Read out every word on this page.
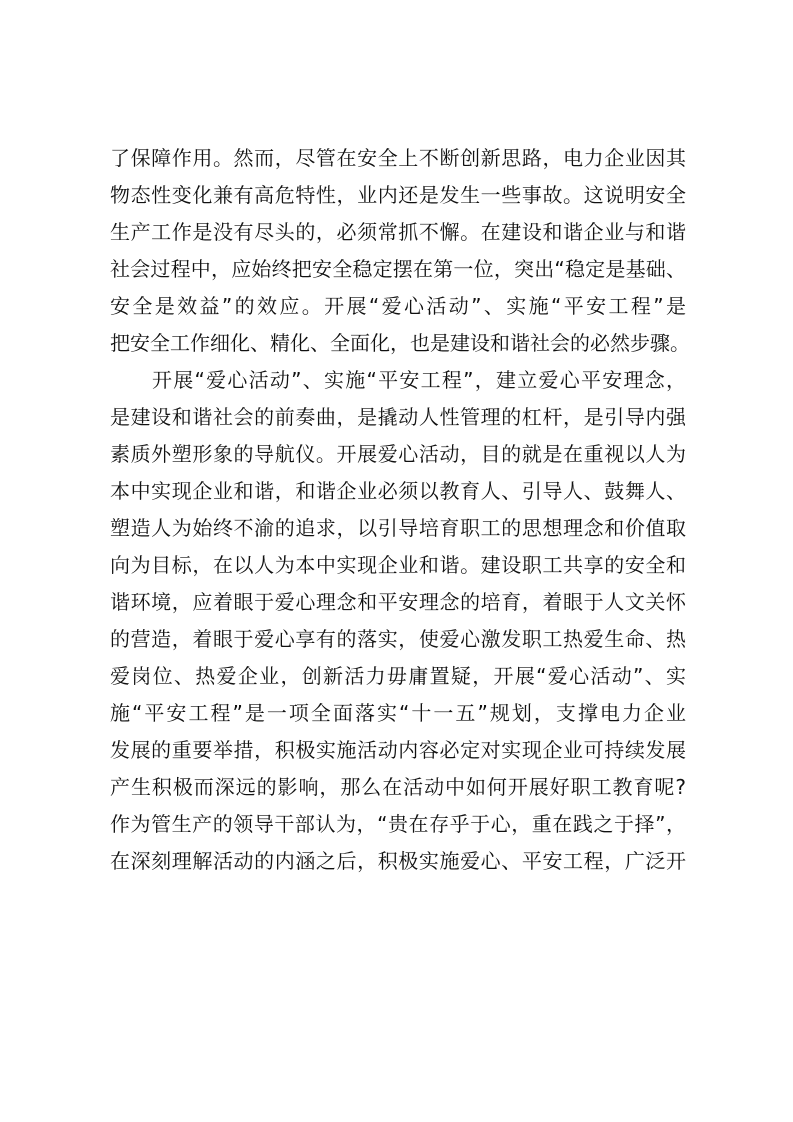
了保障作用。然而，尽管在安全上不断创新思路，电力企业因其
物态性变化兼有高危特性，业内还是发生一些事故。这说明安全
生产工作是没有尽头的，必须常抓不懈。在建设和谐企业与和谐
社会过程中，应始终把安全稳定摆在第一位，突出“稳定是基础、
安全是效益”的效应。开展“爱心活动”、实施“平安工程”是
把安全工作细化、精化、全面化，也是建设和谐社会的必然步骤。
开展“爱心活动”、实施“平安工程”，建立爱心平安理念，
是建设和谐社会的前奏曲，是撬动人性管理的杠杆，是引导内强
素质外塑形象的导航仪。开展爱心活动，目的就是在重视以人为
本中实现企业和谐，和谐企业必须以教育人、引导人、鼓舞人、
塑造人为始终不渝的追求，以引导培育职工的思想理念和价值取
向为目标，在以人为本中实现企业和谐。建设职工共享的安全和
谐环境，应着眼于爱心理念和平安理念的培育，着眼于人文关怀
的营造，着眼于爱心享有的落实，使爱心激发职工热爱生命、热
爱岗位、热爱企业，创新活力毋庸置疑，开展“爱心活动”、实
施“平安工程”是一项全面落实“十一五”规划，支撑电力企业
发展的重要举措，积极实施活动内容必定对实现企业可持续发展
产生积极而深远的影响，那么在活动中如何开展好职工教育呢?
作为管生产的领导干部认为，“贵在存乎于心，重在践之于择”，
在深刻理解活动的内涵之后，积极实施爱心、平安工程，广泛开
